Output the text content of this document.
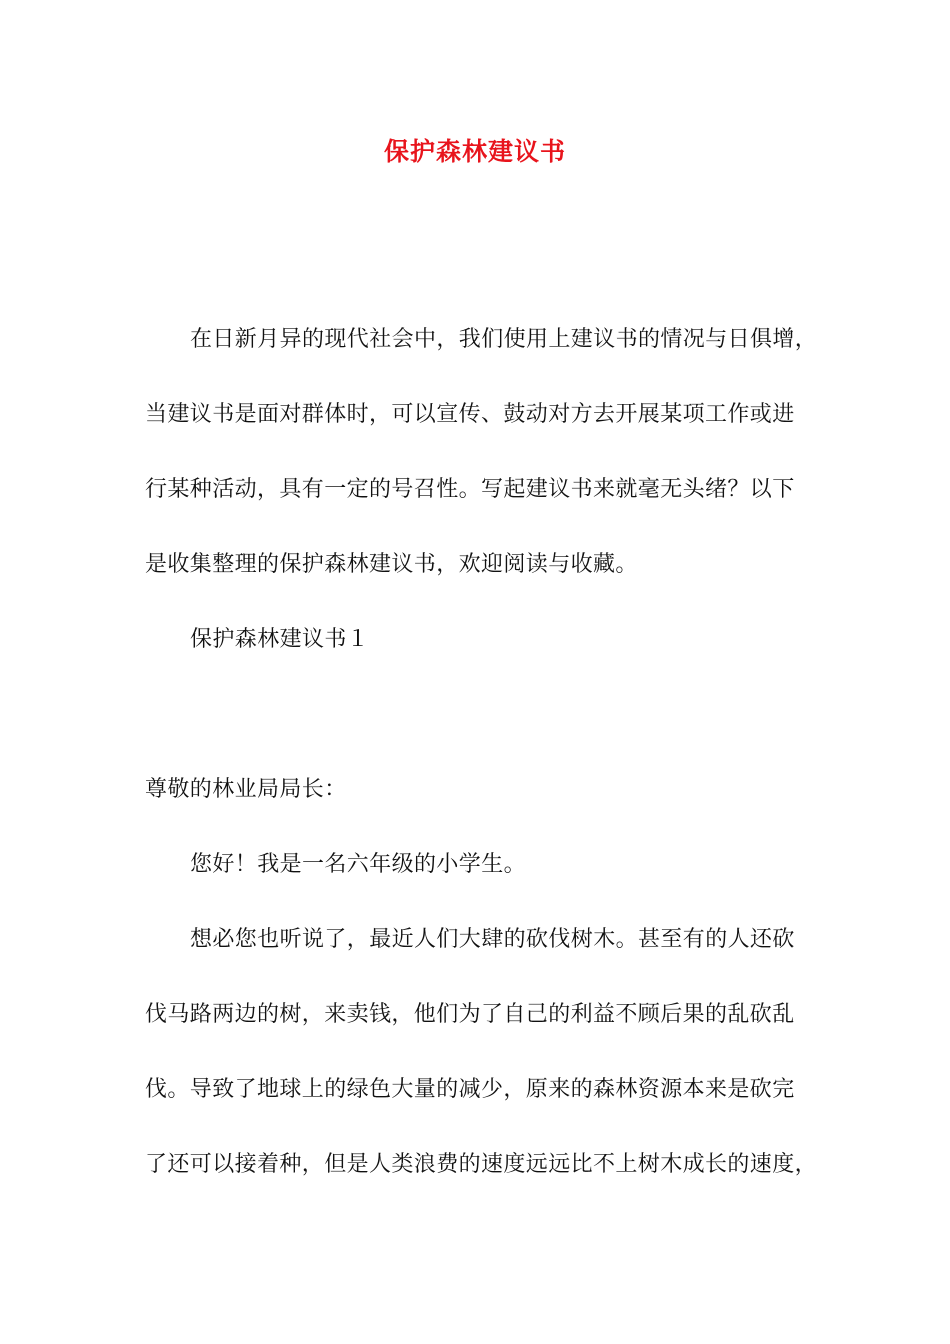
保护森林建议书
在日新月异的现代社会中，我们使用上建议书的情况与日俱增，
当建议书是面对群体时，可以宣传、鼓动对方去开展某项工作或进
行某种活动，具有一定的号召性。写起建议书来就毫无头绪？以下
是收集整理的保护森林建议书，欢迎阅读与收藏。
保护森林建议书１
尊敬的林业局局长：
您好！我是一名六年级的小学生。
想必您也听说了，最近人们大肆的砍伐树木。甚至有的人还砍
伐马路两边的树，来卖钱，他们为了自己的利益不顾后果的乱砍乱
伐。导致了地球上的绿色大量的减少，原来的森林资源本来是砍完
了还可以接着种，但是人类浪费的速度远远比不上树木成长的速度，
